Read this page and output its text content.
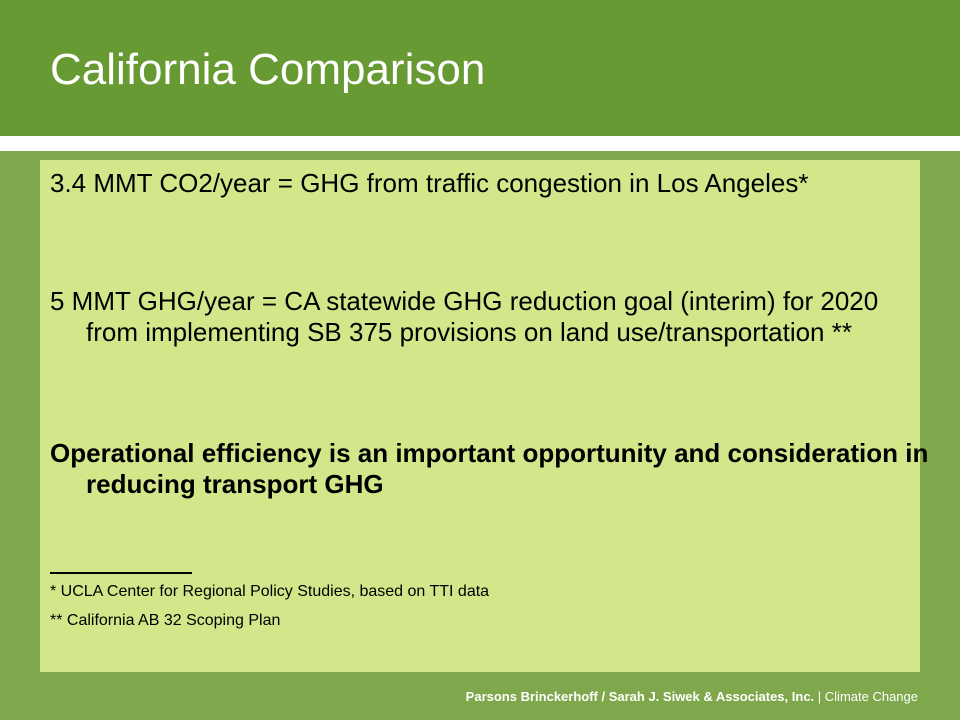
California Comparison
3.4 MMT CO2/year = GHG from traffic congestion in Los Angeles*
5 MMT GHG/year = CA statewide GHG reduction goal (interim) for 2020 from implementing SB 375 provisions on land use/transportation **
Operational efficiency is an important opportunity and consideration in reducing transport GHG
* UCLA Center for Regional Policy Studies, based on TTI data
** California AB 32 Scoping Plan
Parsons Brinckerhoff / Sarah J. Siwek & Associates, Inc. | Climate Change
